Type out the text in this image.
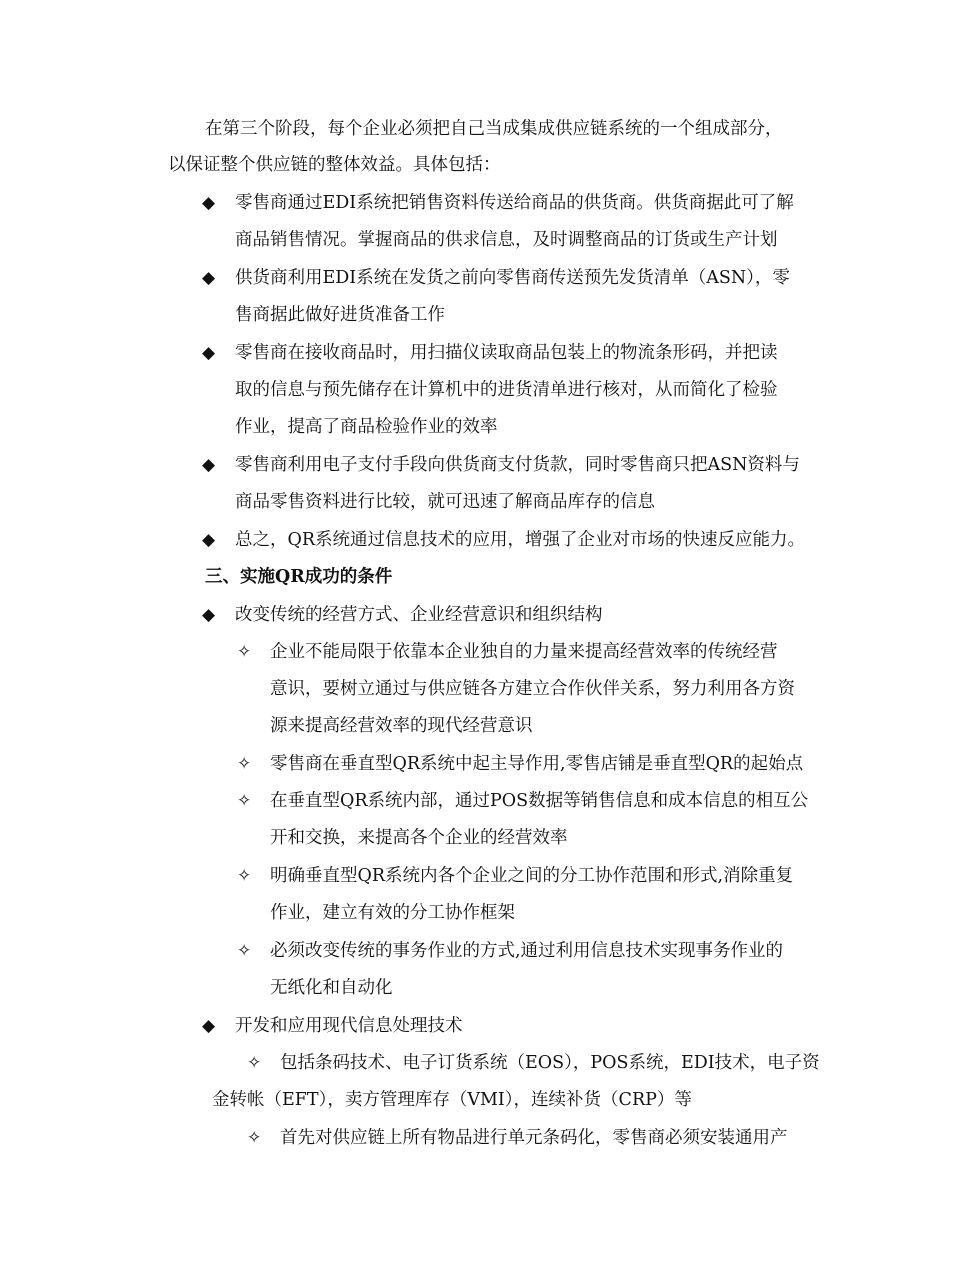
在第三个阶段，每个企业必须把自己当成集成供应链系统的一个组成部分，
以保证整个供应链的整体效益。具体包括：
◆ 零售商通过EDI系统把销售资料传送给商品的供货商。供货商据此可了解
商品销售情况。掌握商品的供求信息，及时调整商品的订货或生产计划
◆ 供货商利用EDI系统在发货之前向零售商传送预先发货清单（ASN），零
售商据此做好进货准备工作
◆ 零售商在接收商品时，用扫描仪读取商品包装上的物流条形码，并把读
取的信息与预先储存在计算机中的进货清单进行核对，从而简化了检验
作业，提高了商品检验作业的效率
◆ 零售商利用电子支付手段向供货商支付货款，同时零售商只把ASN资料与
商品零售资料进行比较，就可迅速了解商品库存的信息
◆ 总之，QR系统通过信息技术的应用，增强了企业对市场的快速反应能力。
三、实施QR成功的条件
◆ 改变传统的经营方式、企业经营意识和组织结构
✧ 企业不能局限于依靠本企业独自的力量来提高经营效率的传统经营
意识，要树立通过与供应链各方建立合作伙伴关系，努力利用各方资
源来提高经营效率的现代经营意识
✧ 零售商在垂直型QR系统中起主导作用,零售店铺是垂直型QR的起始点
✧ 在垂直型QR系统内部，通过POS数据等销售信息和成本信息的相互公
开和交换，来提高各个企业的经营效率
✧ 明确垂直型QR系统内各个企业之间的分工协作范围和形式,消除重复
作业，建立有效的分工协作框架
✧ 必须改变传统的事务作业的方式,通过利用信息技术实现事务作业的
无纸化和自动化
◆ 开发和应用现代信息处理技术
✧ 包括条码技术、电子订货系统（EOS），POS系统，EDI技术，电子资
金转帐（EFT），卖方管理库存（VMI），连续补货（CRP）等
✧ 首先对供应链上所有物品进行单元条码化，零售商必须安装通用产
